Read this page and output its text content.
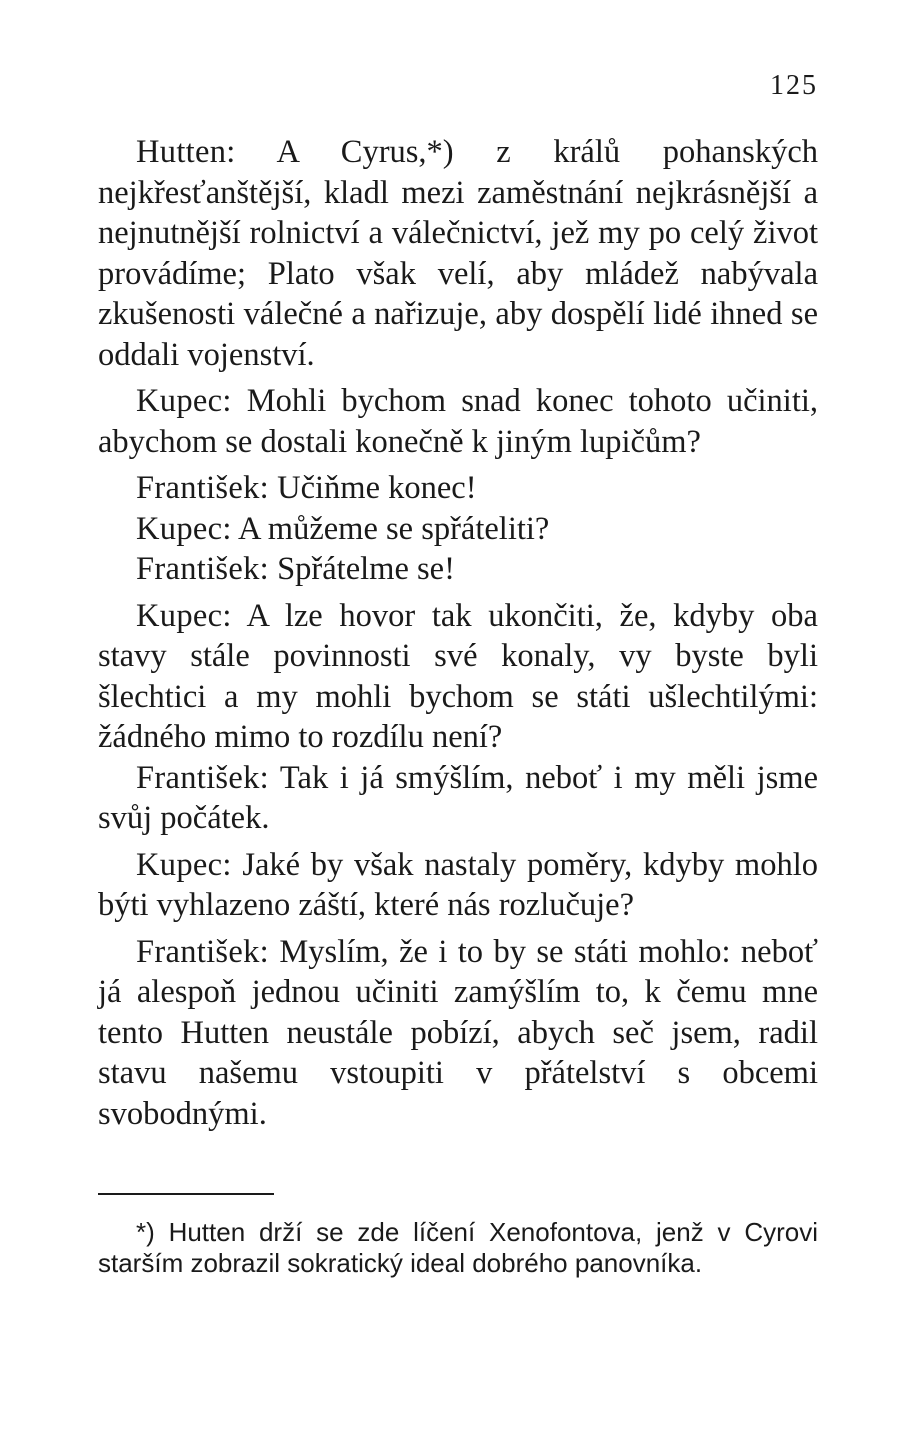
125

Hutten: A Cyrus,*) z králů pohanských nejkřesťanštější, kladl mezi zaměstnání nejkrásnější a nejnutnější rolnictví a válečnictví, jež my po celý život provádíme; Plato však velí, aby mládež nabývala zkušenosti válečné a nařizuje, aby dospělí lidé ihned se oddali vojenství.

Kupec: Mohli bychom snad konec tohoto učiniti, abychom se dostali konečně k jiným lupičům?

František: Učiňme konec!

Kupec: A můžeme se spřáteliti?

František: Spřátelme se!

Kupec: A lze hovor tak ukončiti, že, kdyby oba stavy stále povinnosti své konaly, vy byste byli šlechtici a my mohli bychom se státi ušlechtilými: žádného mimo to rozdílu není?

František: Tak i já smýšlím, neboť i my měli jsme svůj počátek.

Kupec: Jaké by však nastaly poměry, kdyby mohlo býti vyhlazeno záští, které nás rozlučuje?

František: Myslím, že i to by se státi mohlo: neboť já alespoň jednou učiniti zamýšlím to, k čemu mne tento Hutten neustále pobízí, abych seč jsem, radil stavu našemu vstoupiti v přátelství s obcemi svobodnými.

*) Hutten drží se zde líčení Xenofontova, jenž v Cyrovi starším zobrazil sokratický ideal dobrého panovníka.
